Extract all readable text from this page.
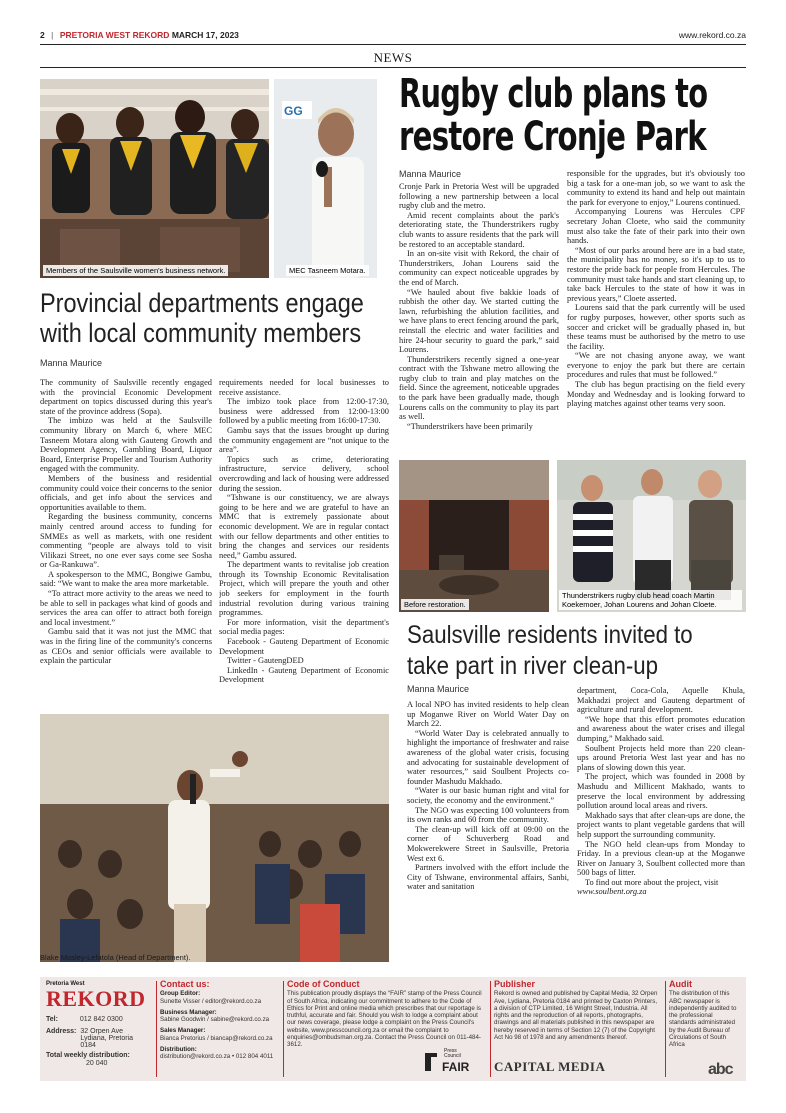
2 | PRETORIA WEST REKORD MARCH 17, 2023	www.rekord.co.za
NEWS
Members of the Saulsville women's business network.
GG
MEC Tasneem Motara.
Rugby club plans to
restore Cronje Park
Manna Maurice

Cronje Park in Pretoria West will be upgraded following a new partnership between a local rugby club and the metro.

Amid recent complaints about the park's deteriorating state, the Thunderstrikers rugby club wants to assure residents that the park will be restored to an acceptable standard.

In an on-site visit with Rekord, the chair of Thunderstrikers, Johan Lourens said the community can expect noticeable upgrades by the end of March.

“We hauled about five bakkie loads of rubbish the other day. We started cutting the lawn, refurbishing the ablution facilities, and we have plans to erect fencing around the park, reinstall the electric and water facilities and hire 24-hour security to guard the park,” said Lourens.

Thunderstrikers recently signed a one-year contract with the Tshwane metro allowing the rugby club to train and play matches on the field. Since the agreement, noticeable upgrades to the park have been gradually made, though Lourens calls on the community to play its part as well.

“Thunderstrikers have been primarily

responsible for the upgrades, but it's obviously too big a task for a one-man job, so we want to ask the community to extend its hand and help out maintain the park for everyone to enjoy,” Lourens continued.

Accompanying Lourens was Hercules CPF secretary Johan Cloete, who said the community must also take the fate of their park into their own hands.

“Most of our parks around here are in a bad state, the municipality has no money, so it's up to us to restore the pride back for people from Hercules. The community must take hands and start cleaning up, to take back Hercules to the state of how it was in previous years,” Cloete asserted.

Lourens said that the park currently will be used for rugby purposes, however, other sports such as soccer and cricket will be gradually phased in, but these teams must be authorised by the metro to use the facility.

“We are not chasing anyone away, we want everyone to enjoy the park but there are certain procedures and rules that must be followed.”

The club has begun practising on the field every Monday and Wednesday and is looking forward to playing matches against other teams very soon.

Provincial departments engage
with local community members
Manna Maurice

The community of Saulsville recently engaged with the provincial Economic Development department on topics discussed during this year's state of the province address (Sopa).

The imbizo was held at the Saulsville community library on March 6, where MEC Tasneem Motara along with Gauteng Growth and Development Agency, Gambling Board, Liquor Board, Enterprise Propeller and Tourism Authority engaged with the community.

Members of the business and residential community could voice their concerns to the senior officials, and get info about the services and opportunities available to them.

Regarding the business community, concerns mainly centred around access to funding for SMMEs as well as markets, with one resident commenting “people are always told to visit Vilikazi Street, no one ever says come see Sosha or Ga-Rankuwa”.

A spokesperson to the MMC, Bongiwe Gambu, said: “We want to make the area more marketable.

“To attract more activity to the areas we need to be able to sell in packages what kind of goods and services the area can offer to attract both foreign and local investment.”

Gambu said that it was not just the MMC that was in the firing line of the community's concerns as CEOs and senior officials were available to explain the particular

requirements needed for local businesses to receive assistance.

The imbizo took place from 12:00-17:30, business were addressed from 12:00-13:00 followed by a public meeting from 16:00-17:30.

Gambu says that the issues brought up during the community engagement are “not unique to the area”.

Topics such as crime, deteriorating infrastructure, service delivery, school overcrowding and lack of housing were addressed during the session.

“Tshwane is our constituency, we are always going to be here and we are grateful to have an MMC that is extremely passionate about economic development. We are in regular contact with our fellow departments and other entities to bring the changes and services our residents need,” Gambu assured.

The department wants to revitalise job creation through its Township Economic Revitalisation Project, which will prepare the youth and other job seekers for employment in the fourth industrial revolution during various training programmes.

For more information, visit the department's social media pages:

Facebook - Gauteng Department of Economic Development

Twitter - GautengDED

LinkedIn - Gauteng Department of Economic Development

Before restoration.
Thunderstrikers rugby club head coach Martin Koekemoer, Johan Lourens and Johan Cloete.
Saulsville residents invited to
take part in river clean-up
Manna Maurice

A local NPO has invited residents to help clean up Moganwe River on World Water Day on March 22.

“World Water Day is celebrated annually to highlight the importance of freshwater and raise awareness of the global water crisis, focusing and advocating for sustainable development of water resources,” said Soulbent Projects co-founder Mashudu Makhado.

“Water is our basic human right and vital for society, the economy and the environment.”

The NGO was expecting 100 volunteers from its own ranks and 60 from the community.

The clean-up will kick off at 09:00 on the corner of Schuverberg Road and Mokwerekwere Street in Saulsville, Pretoria West ext 6.

Partners involved with the effort include the City of Tshwane, environmental affairs, Sanbi, water and sanitation

department, Coca-Cola, Aquelle Khula, Makhadzi project and Gauteng department of agriculture and rural development.

“We hope that this effort promotes education and awareness about the water crises and illegal dumping,” Makhado said.

Soulbent Projects held more than 220 clean-ups around Pretoria West last year and has no plans of slowing down this year.

The project, which was founded in 2008 by Mashudu and Millicent Makhado, wants to preserve the local environment by addressing pollution around local areas and rivers.

Makhado says that after clean-ups are done, the project wants to plant vegetable gardens that will help support the surrounding community.

The NGO held clean-ups from Monday to Friday. In a previous clean-up at the Moganwe River on January 3, Soulbent collected more than 500 bags of litter.

To find out more about the project, visit

www.soulbent.org.za

Blake Mosley-Lefatola (Head of Department).
Pretoria West
REKORD
Tel:	012 842 0300
Address: 32 Orpen Ave
Lydiana, Pretoria
0184
Total weekly distribution:
20 040
Contact us:
Group Editor:
Sunette Visser / editor@rekord.co.za
Business Manager:
Sabine Goodwin / sabine@rekord.co.za
Sales Manager:
Bianca Pretorius / biancap@rekord.co.za
Distribution:
distribution@rekord.co.za • 012 804 4011
Code of Conduct
This publication proudly displays the “FAIR” stamp of the Press Council of South Africa, indicating our commitment to adhere to the Code of Ethics for Print and online media which prescribes that our reportage is truthful, accurate and fair. Should you wish to lodge a complaint about our news coverage, please lodge a complaint on the Press Council's website, www.presscouncil.org.za or email the complaint to enquiries@ombudsman.org.za. Contact the Press Council on 011-484-3612.
Press Council
FAIR
Publisher
Rekord is owned and published by Capital Media, 32 Orpen Ave, Lydiana, Pretoria 0184 and printed by Caxton Printers, a division of CTP Limited, 16 Wright Street, Industria. All rights and the reproduction of all reports, photographs, drawings and all materials published in this newspaper are hereby reserved in terms of Section 12 (7) of the Copyright Act No 98 of 1978 and any amendments thereof.
CAPITAL MEDIA
Audit
The distribution of this ABC newspaper is independently audited to the professional standards administrated by the Audit Bureau of Circulations of South Africa
abc
